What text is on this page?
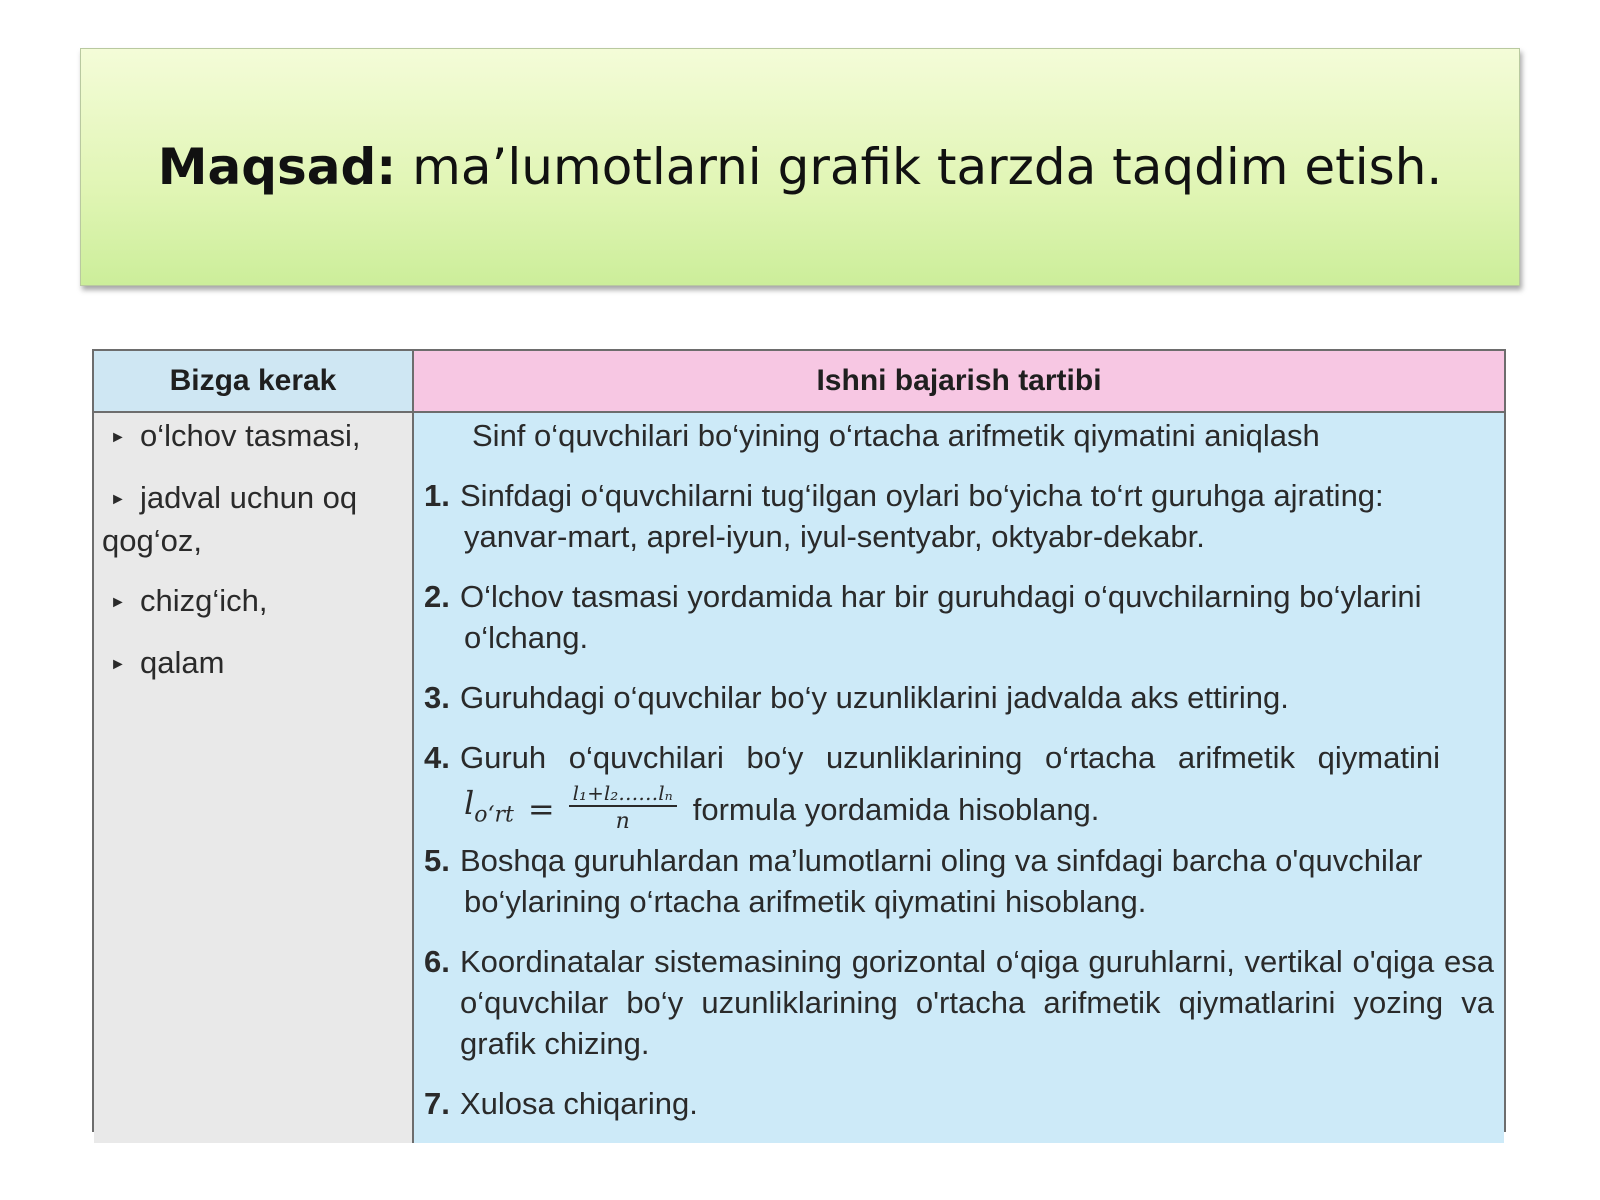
Maqsad: ma’lumotlarni grafik tarzda taqdim etish.
Bizga kerak	Ishni bajarish tartibi
► o‘lchov tasmasi,
► jadval uchun oq qog‘oz,
► chizg‘ich,
► qalam
Sinf o‘quvchilari bo‘yining o‘rtacha arifmetik qiymatini aniqlash
1. Sinfdagi o‘quvchilarni tug‘ilgan oylari bo‘yicha to‘rt guruhga ajrating:
yanvar-mart, aprel-iyun, iyul-sentyabr, oktyabr-dekabr.
2. O‘lchov tasmasi yordamida har bir guruhdagi o‘quvchilarning bo‘ylarini
o‘lchang.
3. Guruhdagi o‘quvchilar bo‘y uzunliklarini jadvalda aks ettiring.
4. Guruh o‘quvchilari bo‘y uzunliklarining o‘rtacha arifmetik qiymatini
$l_{o‘rt} = \frac{\text{l₁+l₂……lₙ}}{n}$ formula yordamida hisoblang.
5. Boshqa guruhlardan ma’lumotlarni oling va sinfdagi barcha o'quvchilar
bo‘ylarining o‘rtacha arifmetik qiymatini hisoblang.
6. Koordinatalar sistemasining gorizontal o‘qiga guruhlarni, vertikal o'qiga esa o‘quvchilar bo‘y uzunliklarining o'rtacha arifmetik qiymatlarini yozing va grafik chizing.
7. Xulosa chiqaring.
